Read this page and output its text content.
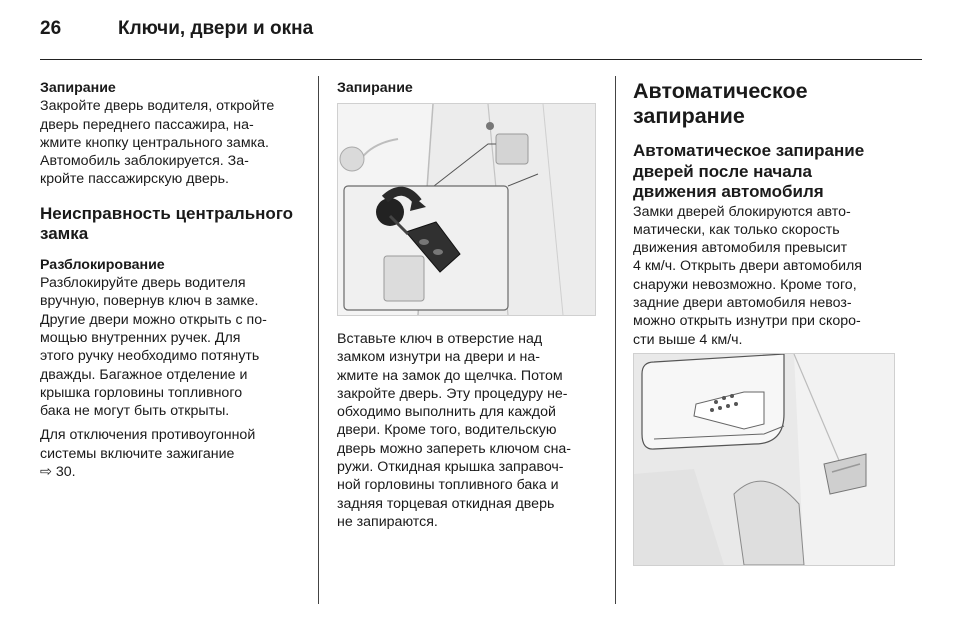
26	Ключи, двери и окна
Запирание

Закройте дверь водителя, откройте
дверь переднего пассажира, на-
жмите кнопку центрального замка.
Автомобиль заблокируется. За-
кройте пассажирскую дверь.

Неисправность центрального
замка
Разблокирование

Разблокируйте дверь водителя
вручную, повернув ключ в замке.
Другие двери можно открыть с по-
мощью внутренних ручек. Для
этого ручку необходимо потянуть
дважды. Багажное отделение и
крышка горловины топливного
бака не могут быть открыты.

Для отключения противоугонной
системы включите зажигание

⇨ 30.

Запирание

Вставьте ключ в отверстие над
замком изнутри на двери и на-
жмите на замок до щелчка. Потом
закройте дверь. Эту процедуру не-
обходимо выполнить для каждой
двери. Кроме того, водительскую
дверь можно запереть ключом сна-
ружи. Откидная крышка заправоч-
ной горловины топливного бака и
задняя торцевая откидная дверь
не запираются.

Автоматическое
запирание
Автоматическое запирание
дверей после начала
движения автомобиля

Замки дверей блокируются авто-
матически, как только скорость
движения автомобиля превысит
4 км/ч. Открыть двери автомобиля
снаружи невозможно. Кроме того,
задние двери автомобиля невоз-
можно открыть изнутри при скоро-
сти выше 4 км/ч.
